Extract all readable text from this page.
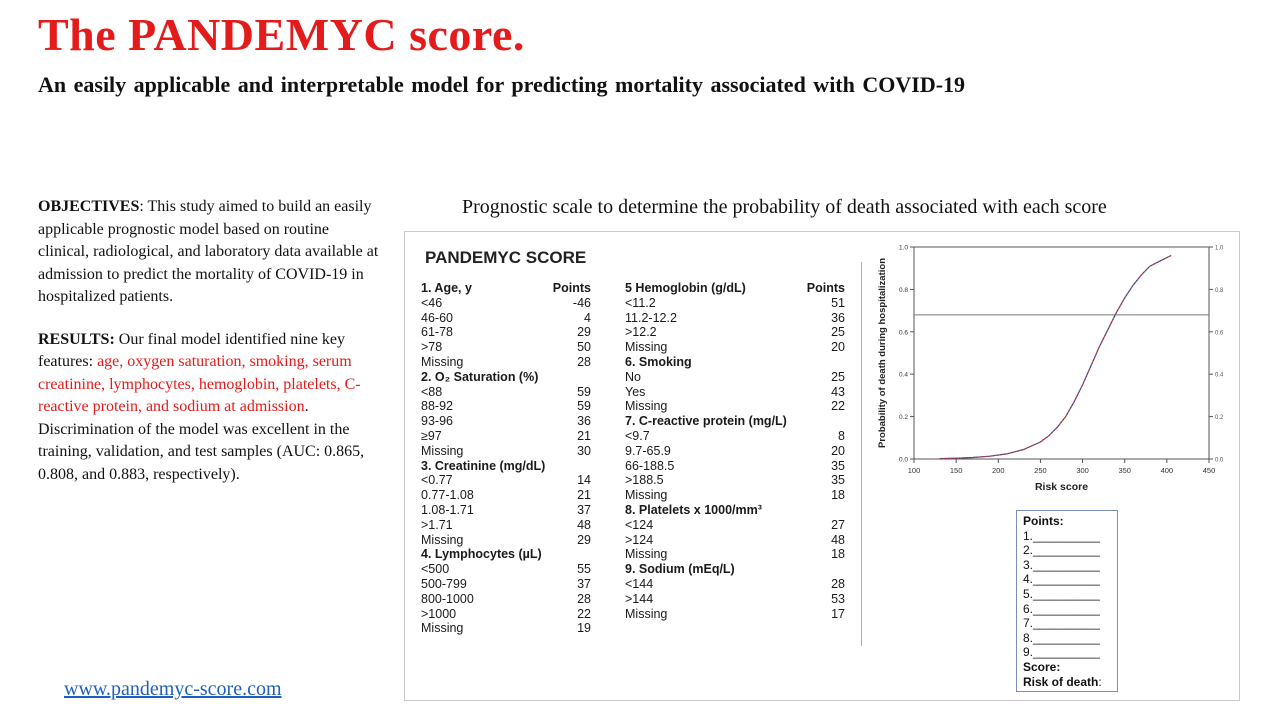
The PANDEMYC score.
An easily applicable and interpretable model for predicting mortality associated with COVID-19
OBJECTIVES: This study aimed to build an easily applicable prognostic model based on routine clinical, radiological, and laboratory data available at admission to predict the mortality of COVID-19 in hospitalized patients.
RESULTS: Our final model identified nine key features: age, oxygen saturation, smoking, serum creatinine, lymphocytes, hemoglobin, platelets, C-reactive protein, and sodium at admission. Discrimination of the model was excellent in the training, validation, and test samples (AUC: 0.865, 0.808, and 0.883, respectively).
www.pandemyc-score.com
Prognostic scale to determine the probability of death associated with each score
PANDEMYC SCORE
1. Age, y	Points
<46	-46
46-60	4
61-78	29
>78	50
Missing	28
2. O₂ Saturation (%)
<88	59
88-92	59
93-96	36
≥97	21
Missing	30
3. Creatinine (mg/dL)
<0.77	14
0.77-1.08	21
1.08-1.71	37
>1.71	48
Missing	29
4. Lymphocytes (µL)
<500	55
500-799	37
800-1000	28
>1000	22
Missing	19
5 Hemoglobin (g/dL)	Points
<11.2	51
11.2-12.2	36
>12.2	25
Missing	20
6. Smoking
No	25
Yes	43
Missing	22
7. C-reactive protein (mg/L)
<9.7	8
9.7-65.9	20
66-188.5	35
>188.5	35
Missing	18
8. Platelets x 1000/mm³
<124	27
>124	48
Missing	18
9. Sodium (mEq/L)
<144	28
>144	53
Missing	17
100	150	200	250	300	350	400	450
0.0
0.2
0.4
0.6
0.8
1.0
0.0
0.2
0.4
0.6
0.8
1.0
Risk score
Probability of death during hospitalization
Points:
1.__________
2.__________
3.__________
4.__________
5.__________
6.__________
7.__________
8.__________
9.__________
Score:
Risk of death:
